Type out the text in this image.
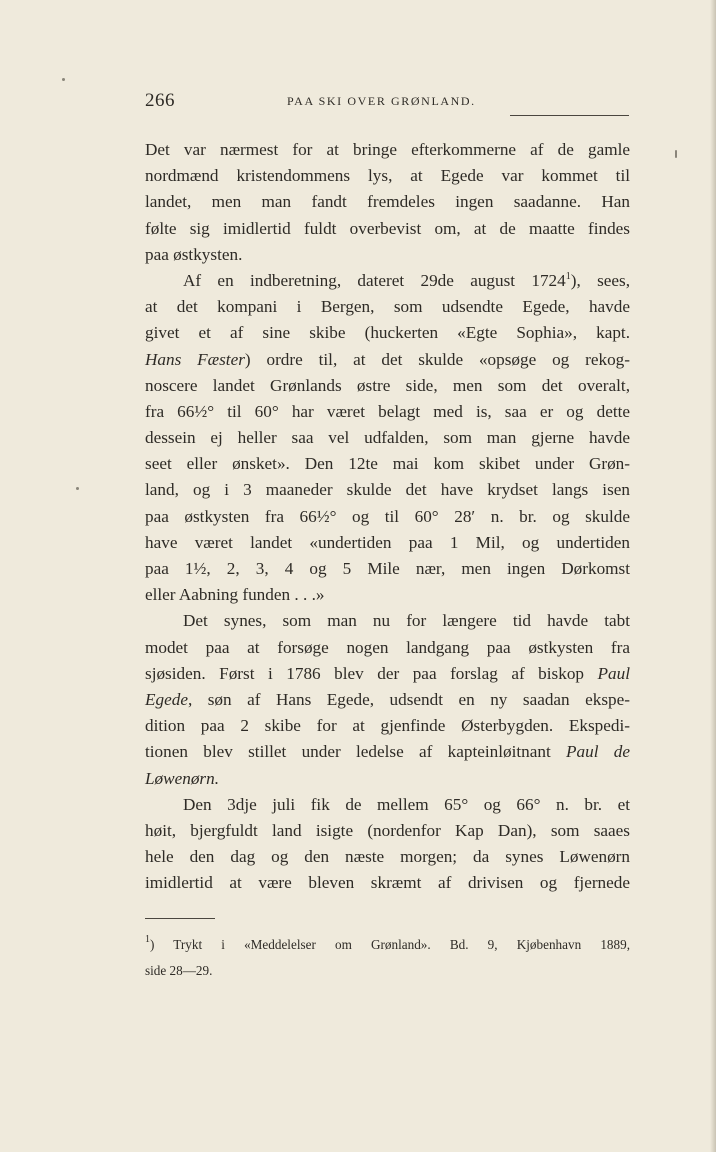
266	PAA SKI OVER GRØNLAND.
Det var nærmest for at bringe efterkommerne af de gamle
nordmænd kristendommens lys, at Egede var kommet til
landet, men man fandt fremdeles ingen saadanne. Han
følte sig imidlertid fuldt overbevist om, at de maatte findes
paa østkysten.
Af en indberetning, dateret 29de august 1724$^1$), sees,
at det kompani i Bergen, som udsendte Egede, havde
givet et af sine skibe (huckerten «Egte Sophia», kapt.
Hans Fæster) ordre til, at det skulde «opsøge og rekog-
noscere landet Grønlands østre side, men som det overalt,
fra 66½° til 60° har været belagt med is, saa er og dette
dessein ej heller saa vel udfalden, som man gjerne havde
seet eller ønsket». Den 12te mai kom skibet under Grøn-
land, og i 3 maaneder skulde det have krydset langs isen
paa østkysten fra 66½° og til 60° 28′ n. br. og skulde
have været landet «undertiden paa 1 Mil, og undertiden
paa 1½, 2, 3, 4 og 5 Mile nær, men ingen Dørkomst
eller Aabning funden . . .»
Det synes, som man nu for længere tid havde tabt
modet paa at forsøge nogen landgang paa østkysten fra
sjøsiden. Først i 1786 blev der paa forslag af biskop Paul
Egede, søn af Hans Egede, udsendt en ny saadan ekspe-
dition paa 2 skibe for at gjenfinde Østerbygden. Ekspedi-
tionen blev stillet under ledelse af kapteinløitnant Paul de
Løwenørn.
Den 3dje juli fik de mellem 65° og 66° n. br. et
høit, bjergfuldt land isigte (nordenfor Kap Dan), som saaes
hele den dag og den næste morgen; da synes Løwenørn
imidlertid at være bleven skræmt af drivisen og fjernede
$^1$) Trykt i «Meddelelser om Grønland». Bd. 9, Kjøbenhavn 1889,
side 28—29.
